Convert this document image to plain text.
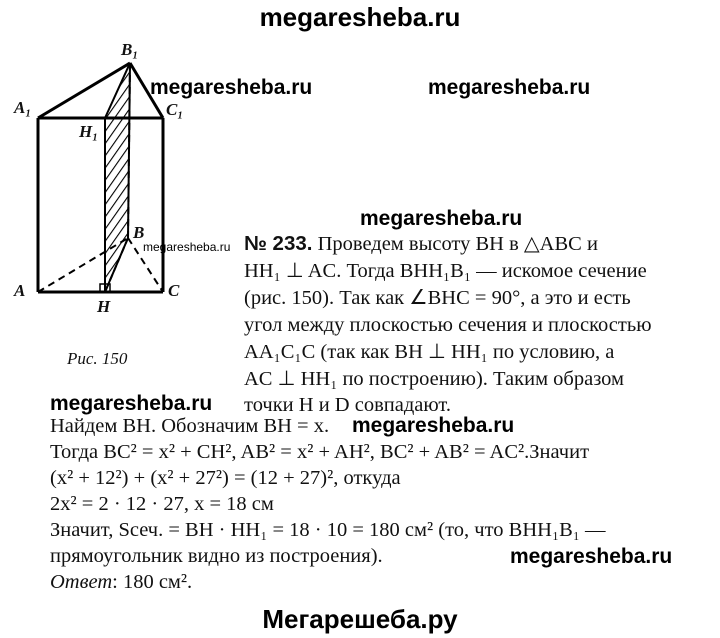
megaresheba.ru
B₁
A₁	C₁
H₁
B
A	C
H
Рис. 150
megaresheba.ru	megaresheba.ru
megaresheba.ru
megaresheba.ru № 233. Проведем высоту BH в △ABC и
HH₁ ⊥ AC. Тогда BHH₁B₁ — искомое сечение
(рис. 150). Так как ∠BHC = 90°, а это и есть
угол между плоскостью сечения и плоскостью
AA₁C₁C (так как BH ⊥ HH₁ по условию, а
AC ⊥ HH₁ по построению). Таким образом
megaresheba.ru точки H и D совпадают.
megaresheba.ru
Найдем BH. Обозначим BH = x.
Тогда BC² = x² + CH², AB² = x² + AH², BC² + AB² = AC².Значит
(x² + 12²) + (x² + 27²) = (12 + 27)², откуда
2x² = 2 · 12 · 27, x = 18 см
Значит, Sсеч. = BH · HH₁ = 18 · 10 = 180 см² (то, что BHH₁B₁ —
прямоугольник видно из построения).	megaresheba.ru
Ответ: 180 см².
Мегарешеба.ру
